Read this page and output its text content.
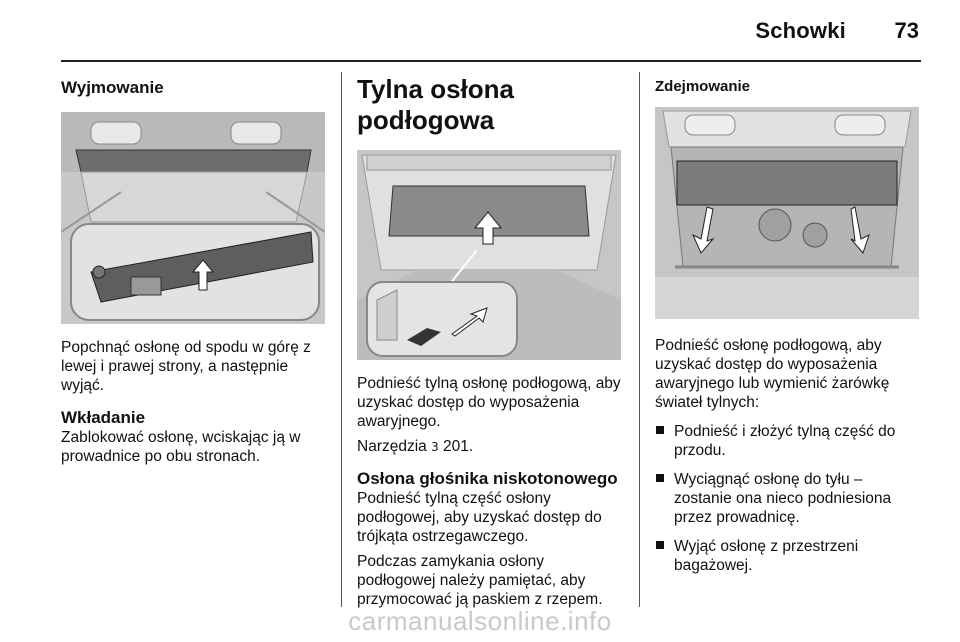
Schowki 73
Wyjmowanie

Popchnąć osłonę od spodu w górę z lewej i prawej strony, a następnie wyjąć.

Wkładanie

Zablokować osłonę, wciskając ją w prowadnice po obu stronach.

Tylna osłona podłogowa

Podnieść tylną osłonę podłogową, aby uzyskać dostęp do wyposażenia awaryjnego.

Narzędzia 3 201.

Osłona głośnika niskotonowego

Podnieść tylną część osłony podłogowej, aby uzyskać dostęp do trójkąta ostrzegawczego.

Podczas zamykania osłony podłogowej należy pamiętać, aby przymocować ją paskiem z rzepem.

Zdejmowanie

Podnieść osłonę podłogową, aby uzyskać dostęp do wyposażenia awaryjnego lub wymienić żarówkę świateł tylnych:

Podnieść i złożyć tylną część do przodu.
Wyciągnąć osłonę do tyłu – zostanie ona nieco podniesiona przez prowadnicę.
Wyjąć osłonę z przestrzeni bagażowej.
carmanualsonline.info
